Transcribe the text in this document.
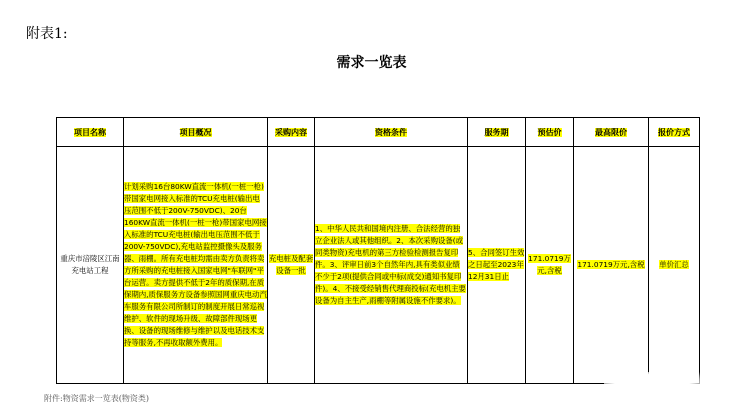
附表1:
需求一览表
项目名称	项目概况	采购内容	资格条件	服务期	预估价	最高限价	报价方式
重庆市涪陵区江南充电站工程	计划采购16台80KW直流一体机(一桩一枪)带国家电网接入标准的TCU充电桩(输出电压范围不低于200V-750VDC)、20台160KW直流一体机(一桩一枪)带国家电网接入标准的TCU充电桩(输出电压范围不低于200V-750VDC),充电站监控摄像头及服务器、雨棚。所有充电桩均需由卖方负责将卖方所采购的充电桩接入国家电网"车联网"平台运营。卖方提供不低于2年的质保期,在质保期内,质保服务方设备参照国网重庆电动汽车服务有限公司所制订的制度开展日常巡视维护、软件的现场升级、故障部件现场更换、设备的现场维修与维护以及电话技术支持等服务,不再收取额外费用。	充电桩及配套设备一批	1、中华人民共和国境内注册、合法经营的独立企业法人或其他组织。2、本次采购设备(或同类物资)充电机的第三方检验检测报告复印件。3、评审日前3个自然年内,具有类似业绩不少于2项(提供合同或中标(成交)通知书复印件)。4、不接受经销售代理商投标(充电机主要设备为自主生产,雨棚等附属设施不作要求)。	5、合同签订生效之日起至2023年12月31日止	171.0719万元,含税	171.0719万元,含税	单价汇总
附件:物资需求一览表(物资类)
